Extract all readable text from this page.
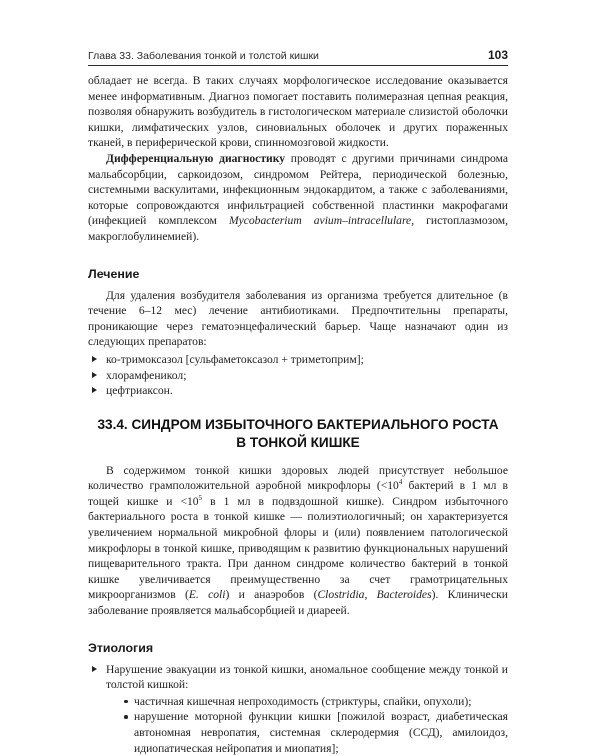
Глава 33. Заболевания тонкой и толстой кишки	103

обладает не всегда. В таких случаях морфологическое исследование оказывается менее информативным. Диагноз помогает поставить полимеразная цепная реакция, позволяя обнаружить возбудитель в гистологическом материале слизистой оболочки кишки, лимфатических узлов, синовиальных оболочек и других пораженных тканей, в периферической крови, спинномозговой жидкости.

Дифференциальную диагностику проводят с другими причинами синдрома мальабсорбции, саркоидозом, синдромом Рейтера, периодической болезнью, системными васкулитами, инфекционным эндокардитом, а также с заболеваниями, которые сопровождаются инфильтрацией собственной пластинки макрофагами (инфекцией комплексом Mycobacterium avium–intracellulare, гистоплазмозом, макроглобулинемией).

Лечение

Для удаления возбудителя заболевания из организма требуется длительное (в течение 6–12 мес) лечение антибиотиками. Предпочтительны препараты, проникающие через гематоэнцефалический барьер. Чаще назначают один из следующих препаратов:

ко-тримоксазол [сульфаметоксазол + триметоприм];
хлорамфеникол;
цефтриаксон.
33.4. СИНДРОМ ИЗБЫТОЧНОГО БАКТЕРИАЛЬНОГО РОСТА
В ТОНКОЙ КИШКЕ

В содержимом тонкой кишки здоровых людей присутствует небольшое количество грамположительной аэробной микрофлоры ($<10^4$ бактерий в 1 мл в тощей кишке $и <10^5$ в 1 мл в подвздошной кишке). Синдром избыточного бактериального роста в тонкой кишке — полиэтиологичный; он характеризуется увеличением нормальной микробной флоры и (или) появлением патологической микрофлоры в тонкой кишке, приводящим к развитию функциональных нарушений пищеварительного тракта. При данном синдроме количество бактерий в тонкой кишке увеличивается преимущественно за счет грамотрицательных микроорганизмов (E. coli) и анаэробов (Clostridia, Bacteroides). Клинически заболевание проявляется мальабсорбцией и диареей.

Этиология
Нарушение эвакуации из тонкой кишки, аномальное сообщение между тонкой и толстой кишкой:
частичная кишечная непроходимость (стриктуры, спайки, опухоли);
нарушение моторной функции кишки [пожилой возраст, диабетическая автономная невропатия, системная склеродермия (ССД), амилоидоз, идиопатическая нейропатия и миопатия];
